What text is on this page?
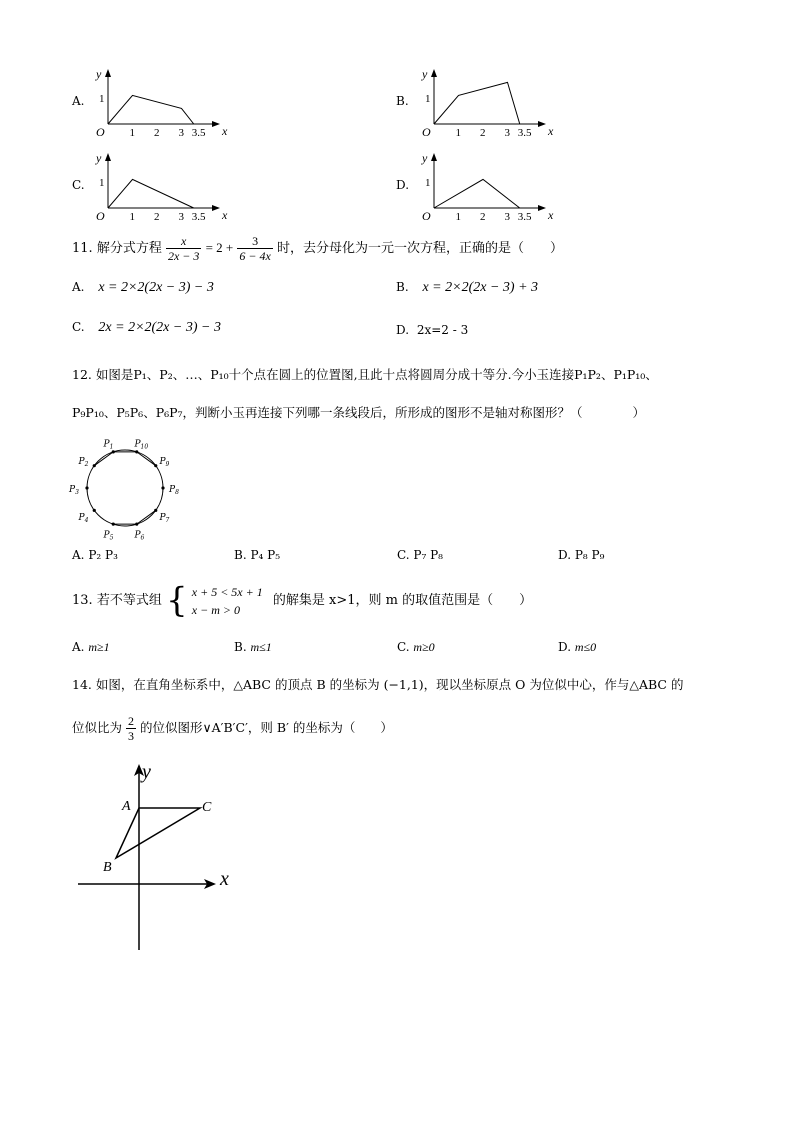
A.
y
x
O
1
1 2 3 3.5
B.
y
x
O
1
1 2 3 3.5
C.
y
x
O
1
1 2 3 3.5
D.
y
x
O
1
1 2 3 3.5
11. 解分式方程 $\frac{x}{2x - 3} = 2 + \frac{3}{6 - 4x}$ 时，去分母化为一元一次方程，正确的是（　　）
A. x = 2×2(2x − 3) − 3	B. x = 2×2(2x − 3) + 3
C. 2x = 2×2(2x − 3) − 3	D. 2x=2 - 3
12. 如图是P₁、P₂、…、P₁₀十个点在圆上的位置图,且此十点将圆周分成十等分.今小玉连接P₁P₂、P₁P₁₀、
P₉P₁₀、P₅P₆、P₆P₇，判断小玉再连接下列哪一条线段后，所形成的图形不是轴对称图形？（　　　　）
$P_1$ $P_{10}$
$P_2$	$P_9$
$P_3$	$P_8$
$P_4$	$P_7$
$P_5$ $P_6$
A. P₂ P₃	B. P₄ P₅	C. P₇ P₈	D. P₈ P₉
13. 若不等式组 { x + 5 < 5x + 1
x − m > 0
的解集是 x>1，则 m 的取值范围是（　　）
A. m≥1	B. m≤1	C. m≥0	D. m≤0
14. 如图，在直角坐标系中，△ABC 的顶点 B 的坐标为 (−1,1)，现以坐标原点 O 为位似中心，作与△ABC 的
位似比为 $\frac{2}{3}$ 的位似图形∨A′B′C′，则 B′ 的坐标为（　　）
y
x
A	C
B
